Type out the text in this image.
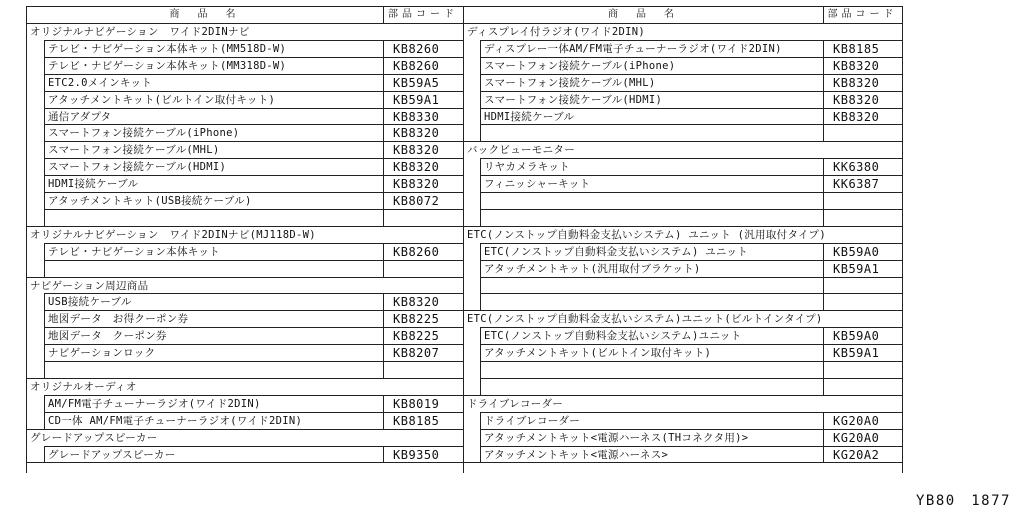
商　品　名	部品コード
オリジナルナビゲーション　ワイド2DINナビ
テレビ・ナビゲーション本体キット(MM518D-W)	KB8260
テレビ・ナビゲーション本体キット(MM318D-W)	KB8260
ETC2.0メインキット	KB59A5
アタッチメントキット(ビルトイン取付キット)	KB59A1
通信アダプタ	KB8330
スマートフォン接続ケーブル(iPhone)	KB8320
スマートフォン接続ケーブル(MHL)	KB8320
スマートフォン接続ケーブル(HDMI)	KB8320
HDMI接続ケーブル	KB8320
アタッチメントキット(USB接続ケーブル)	KB8072
オリジナルナビゲーション　ワイド2DINナビ(MJ118D-W)
テレビ・ナビゲーション本体キット	KB8260
ナビゲーション周辺商品
USB接続ケーブル	KB8320
地図データ　お得クーポン券	KB8225
地図データ　クーポン券	KB8225
ナビゲーションロック	KB8207
オリジナルオーディオ
AM/FM電子チューナーラジオ(ワイド2DIN)	KB8019
CD一体 AM/FM電子チューナーラジオ(ワイド2DIN)	KB8185
グレードアップスピーカー
グレードアップスピーカー	KB9350
商　品　名	部品コード
ディスプレイ付ラジオ(ワイド2DIN)
ディスプレー一体AM/FM電子チューナーラジオ(ワイド2DIN)	KB8185
スマートフォン接続ケーブル(iPhone)	KB8320
スマートフォン接続ケーブル(MHL)	KB8320
スマートフォン接続ケーブル(HDMI)	KB8320
HDMI接続ケーブル	KB8320
バックビューモニター
リヤカメラキット	KK6380
フィニッシャーキット	KK6387
ETC(ノンストップ自動料金支払いシステム) ユニット (汎用取付タイプ)
ETC(ノンストップ自動料金支払いシステム) ユニット	KB59A0
アタッチメントキット(汎用取付ブラケット)	KB59A1
ETC(ノンストップ自動料金支払いシステム)ユニット(ビルトインタイプ)
ETC(ノンストップ自動料金支払いシステム)ユニット	KB59A0
アタッチメントキット(ビルトイン取付キット)	KB59A1
ドライブレコーダー
ドライブレコーダー	KG20A0
アタッチメントキット<電源ハーネス(THコネクタ用)>	KG20A0
アタッチメントキット<電源ハーネス>	KG20A2
YB80　1877
